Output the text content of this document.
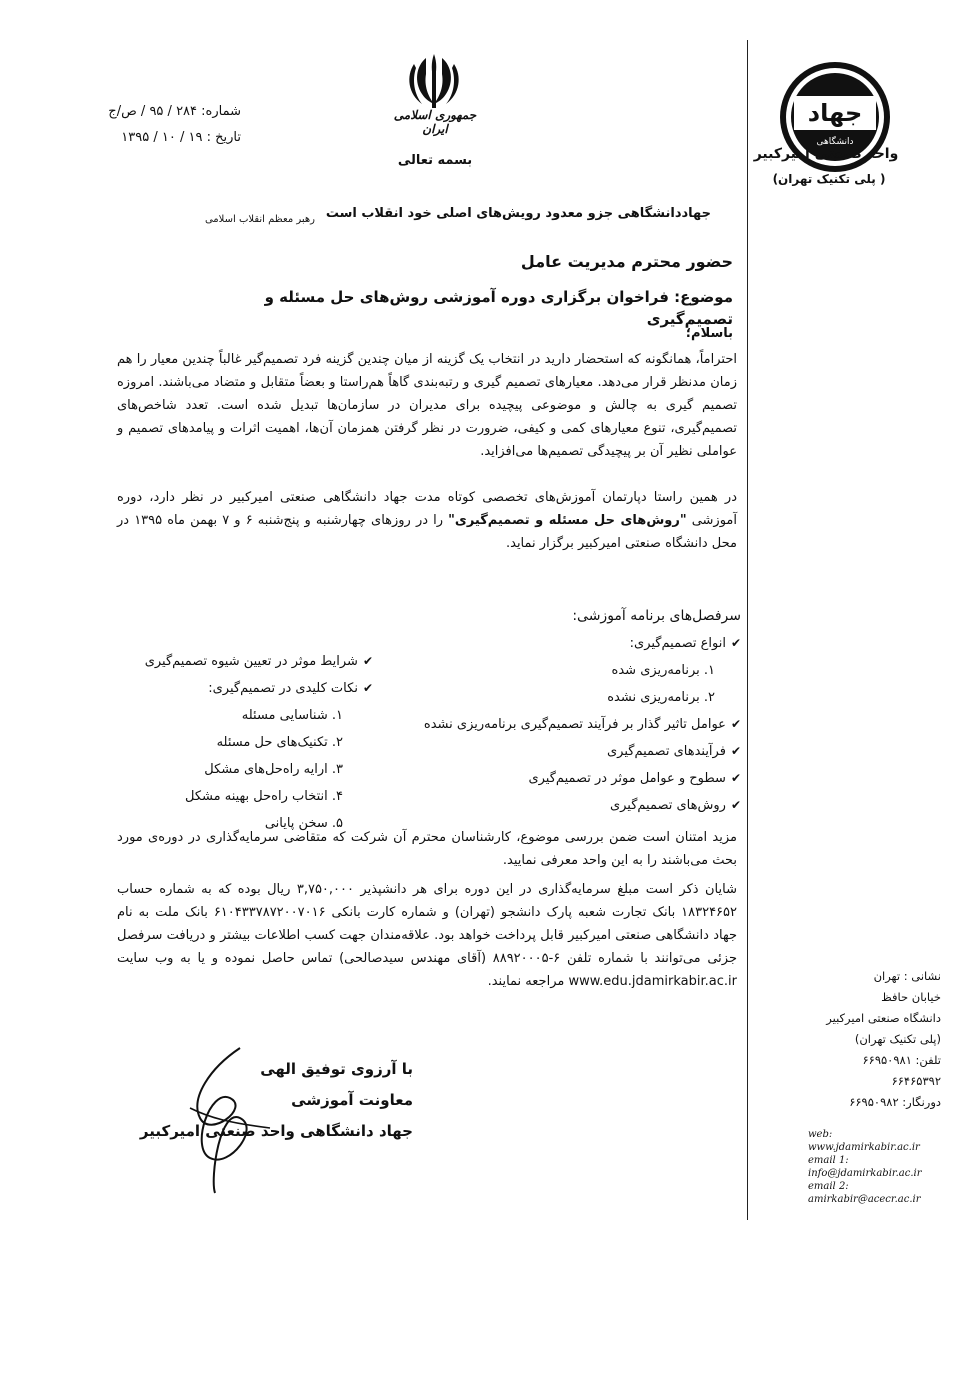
جهاد
دانشگاهی
واحد صنعتی امیرکبیر
( پلی تکنیک تهران)
نشانی : تهران
خیابان حافظ
دانشگاه صنعتی امیرکبیر
(پلی تکنیک تهران)
تلفن: ۶۶۹۵۰۹۸۱
۶۶۴۶۵۳۹۲
دورنگار: ۶۶۹۵۰۹۸۲
web:
www.jdamirkabir.ac.ir
email 1:
info@jdamirkabir.ac.ir
email 2:
amirkabir@acecr.ac.ir
جمهوری اسلامی ایران
بسمه تعالی
شماره: ۲۸۴ / ۹۵ / ص/ج
تاریخ : ۱۹ / ۱۰ / ۱۳۹۵
جهاددانشگاهی جزو معدود رویش‌های اصلی خود انقلاب است
رهبر معظم انقلاب اسلامی
حضور محترم مدیریت عامل
موضوع: فراخوان برگزاری دوره آموزشی روش‌های حل مسئله و تصمیم‌گیری
باسلام؛
احتراماً، همانگونه که استحضار دارید در انتخاب یک گزینه از میان چندین گزینه فرد تصمیم‌گیر غالباً چندین معیار را هم زمان مدنظر قرار می‌دهد. معیارهای تصمیم گیری و رتبه‌بندی گاهاً هم‌راستا و بعضاً متقابل و متضاد می‌باشند. امروزه تصمیم گیری به چالش و موضوعی پیچیده برای مدیران در سازمان‌ها تبدیل شده است. تعدد شاخص‌های تصمیم‌گیری، تنوع معیارهای کمی و کیفی، ضرورت در نظر گرفتن همزمان آن‌ها، اهمیت اثرات و پیامدهای تصمیم و عواملی نظیر آن بر پیچیدگی تصمیم‌ها می‌افزاید.
در همین راستا دپارتمان آموزش‌های تخصصی کوتاه مدت جهاد دانشگاهی صنعتی امیرکبیر در نظر دارد، دوره آموزشی "روش‌های حل مسئله و تصمیم‌گیری" را در روزهای چهارشنبه و پنج‌شنبه ۶ و ۷ بهمن ماه ۱۳۹۵ در محل دانشگاه صنعتی امیرکبیر برگزار نماید.
سرفصل‌های برنامه آموزشی:
✔ انواع تصمیم‌گیری:
۱. برنامه‌ریزی شده
۲. برنامه‌ریزی نشده
✔ عوامل تاثیر گذار بر فرآیند تصمیم‌گیری برنامه‌ریزی نشده
✔ فرآیندهای تصمیم‌گیری
✔ سطوح و عوامل موثر در تصمیم‌گیری
✔ روش‌های تصمیم‌گیری
✔ شرایط موثر در تعیین شیوه تصمیم‌گیری
✔ نکات کلیدی در تصمیم‌گیری:
۱. شناسایی مسئله
۲. تکنیک‌های حل مسئله
۳. ارایه راه‌حل‌های مشکل
۴. انتخاب راه‌حل بهینه مشکل
۵. سخن پایانی
مزید امتنان است ضمن بررسی موضوع، کارشناسان محترم آن شرکت که متقاضی سرمایه‌گذاری در دوره‌ی مورد بحث می‌باشند را به این واحد معرفی نمایید.
شایان ذکر است مبلغ سرمایه‌گذاری در این دوره برای هر دانشپذیر ۳,۷۵۰,۰۰۰ ریال بوده که به شماره حساب ۱۸۳۲۴۶۵۲ بانک تجارت شعبه پارک دانشجو (تهران) و شماره کارت بانکی ۶۱۰۴۳۳۷۸۷۲۰۰۷۰۱۶ بانک ملت به نام جهاد دانشگاهی صنعتی امیرکبیر قابل پرداخت خواهد بود. علاقه‌مندان جهت کسب اطلاعات بیشتر و دریافت سرفصل جزئی می‌توانند با شماره تلفن ۶-۸۸۹۲۰۰۰۵ (آقای مهندس سیدصالحی) تماس حاصل نموده و یا به وب سایت www.edu.jdamirkabir.ac.ir مراجعه نمایند.
با آرزوی توفیق الهی
معاونت آموزشی
جهاد دانشگاهی واحد صنعتی امیرکبیر
